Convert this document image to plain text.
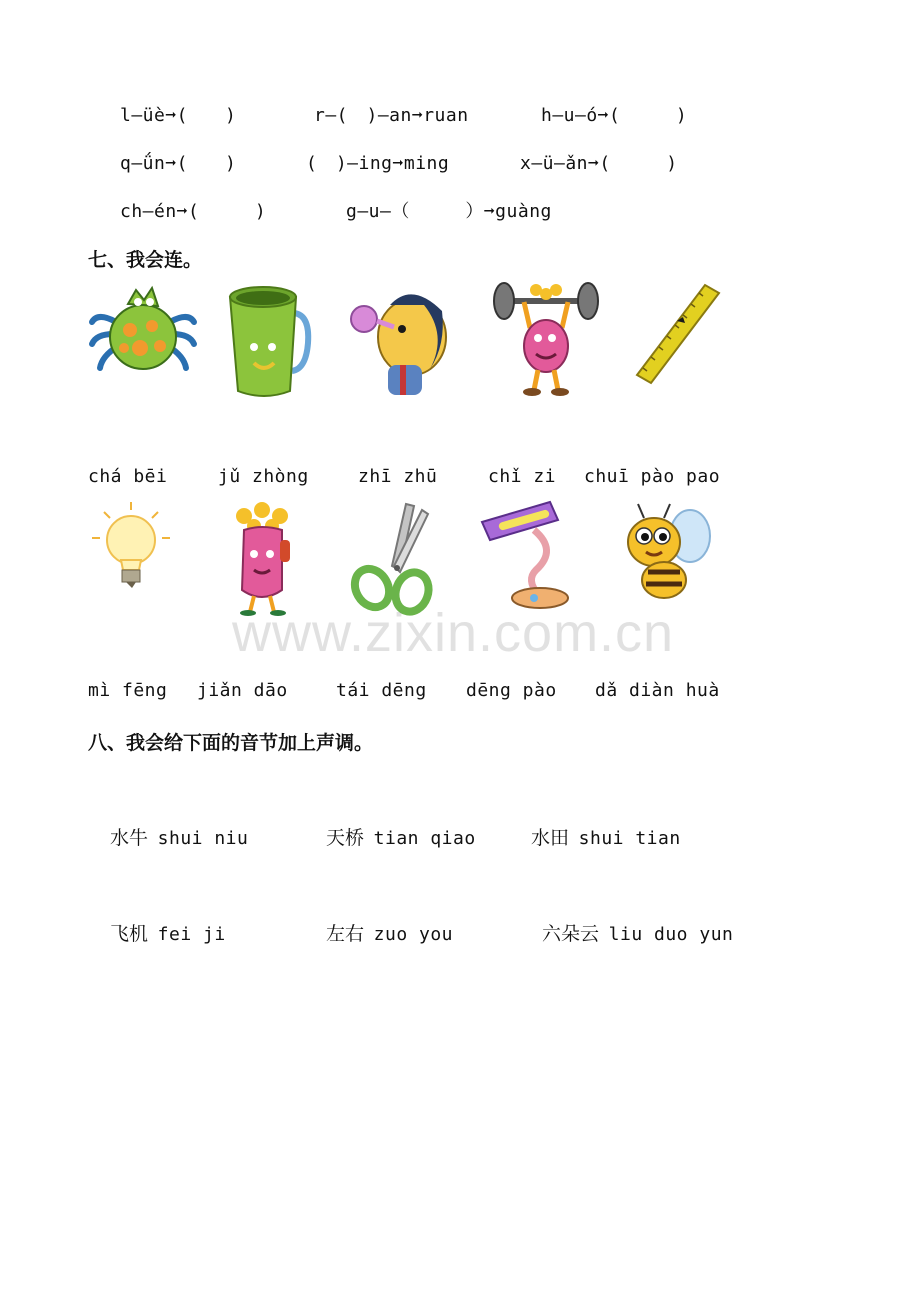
l—üè➞(　　)	r—(　)—an➞ruan	h—u—ó➞(　　　)
q—ǘn➞(　　)	(　)—ing➞ming	x—ü—ǎn➞(　　　)
ch—én➞(　　　)	g—u—（　　　）➞guàng
七、我会连。
chá bēi	jǔ zhòng	zhī zhū	chǐ zi chuī pào pao
www.zixin.com.cn
mì fēng jiǎn dāo	tái dēng dēng pào dǎ diàn huà
八、我会给下面的音节加上声调。
水牛 shui niu	天桥 tian qiao	水田 shui tian
飞机 fei ji	左右 zuo you	六朵云 liu duo yun
